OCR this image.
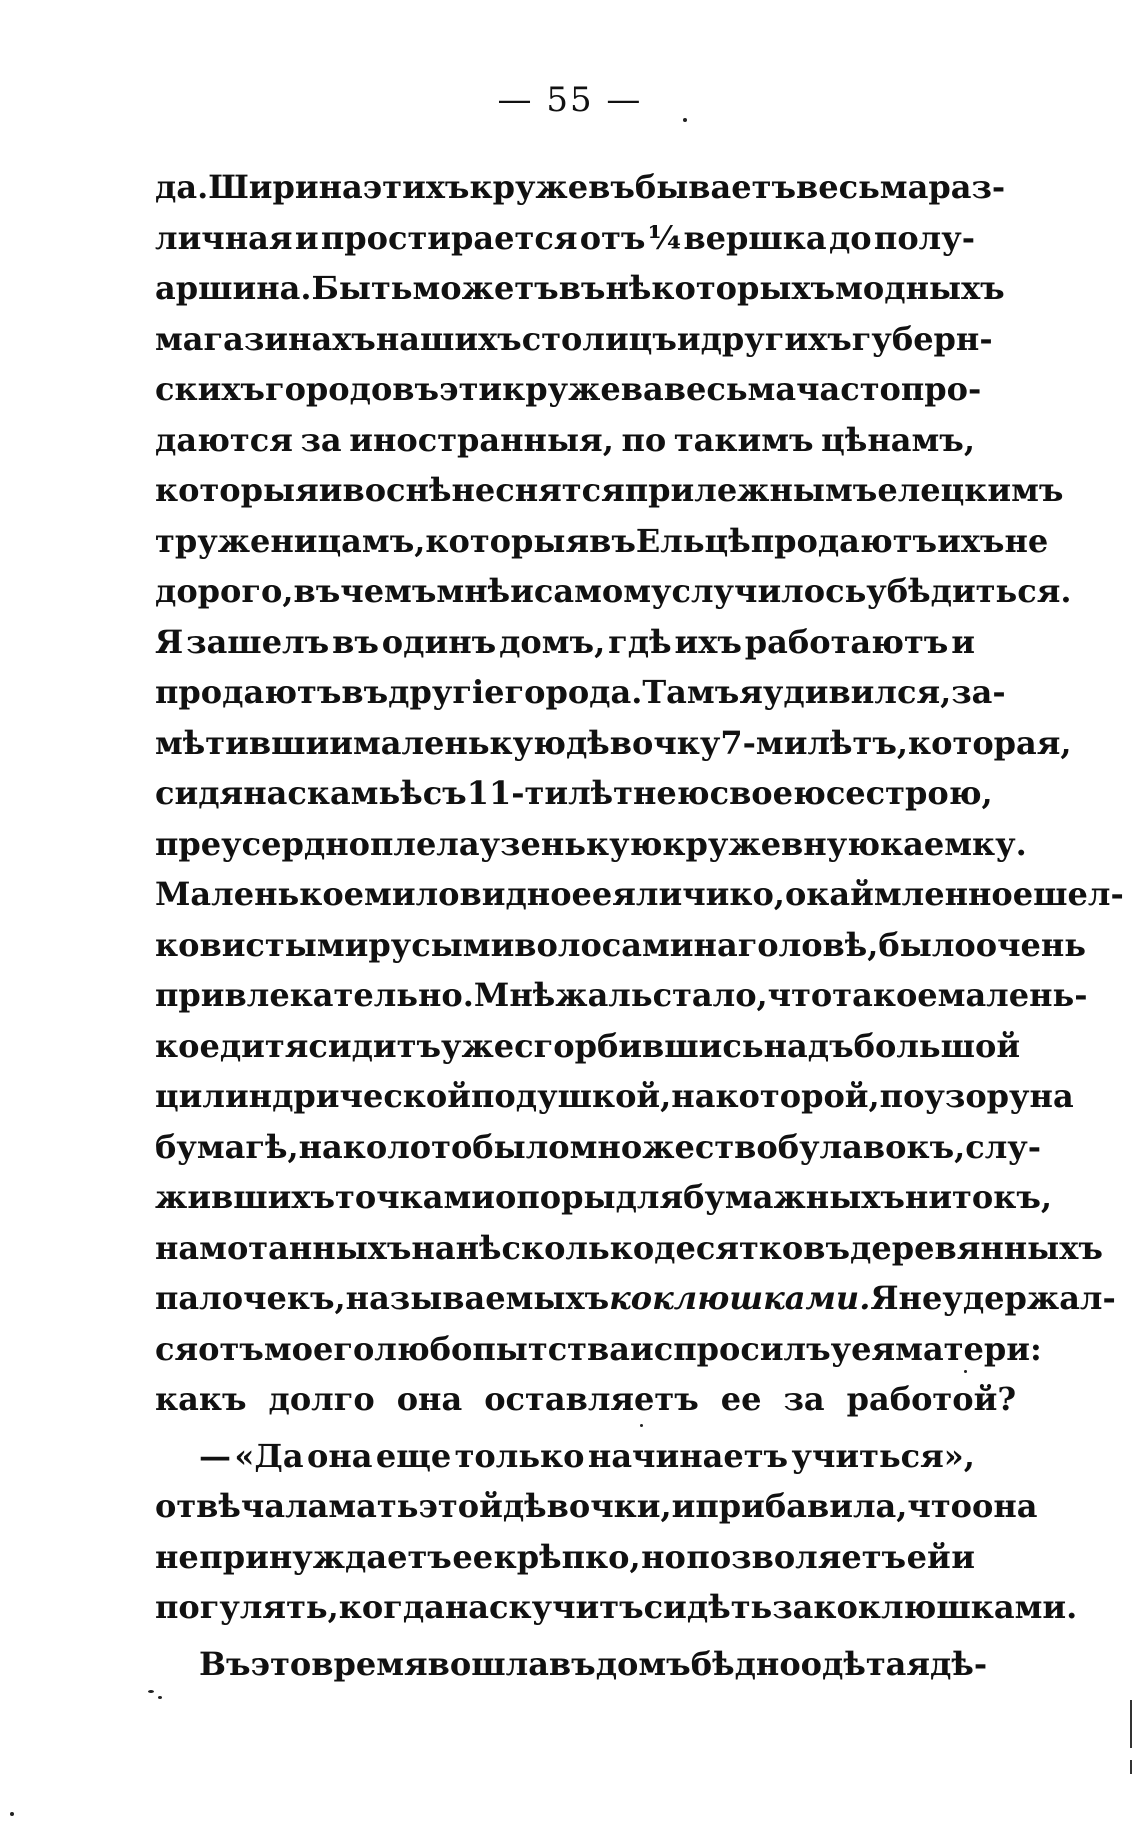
— 55 —
да. Ширина этихъ кружевъ бываетъ весьма раз-
личная и простирается отъ ¼ вершка до полу-
аршина. Быть можетъ въ нѣкоторыхъ модныхъ
магазинахъ нашихъ столицъ и другихъ губерн-
скихъ городовъ эти кружева весьма часто про-
даются за иностранныя, по такимъ цѣнамъ,
которыя и во снѣ не снятся прилежнымъ елецкимъ
труженицамъ, которыя въ Ельцѣ продаютъ ихъ не
дорого, въ чемъ мнѣ и самому случилось убѣдиться.
Я зашелъ въ одинъ домъ, гдѣ ихъ работаютъ и
продаютъ въ другіе города. Тамъ я удивился, за-
мѣтивши и маленькую дѣвочку 7-ми лѣтъ, которая,
сидя на скамьѣ съ 11-ти лѣтнею своею сестрою,
преусердно плела узенькую кружевную каемку.
Маленькое миловидное ея личико, окаймленное шел-
ковистыми русыми волосами на головѣ, было очень
привлекательно. Мнѣ жаль стало, что такое малень-
кое дитя сидитъ уже сгорбившись надъ большой
цилиндрической подушкой, на которой, по узору на
бумагѣ, наколото было множество булавокъ, слу-
жившихъ точками опоры для бумажныхъ нитокъ,
намотанныхъ на нѣсколько десятковъ деревянныхъ
палочекъ, называемыхъ коклюшками. Я не удержал-
ся отъ моего любопытства и спросилъ у ея матери:
какъ долго она оставляетъ ее за работой?
— «Да она еще только начинаетъ учиться»,
отвѣчала мать этой дѣвочки, и прибавила, что она
не принуждаетъ ее крѣпко, но позволяетъ ей и
погулять, когда наскучитъ сидѣть за коклюшками.
Въ это время вошла въ домъ бѣдно одѣтая дѣ-
